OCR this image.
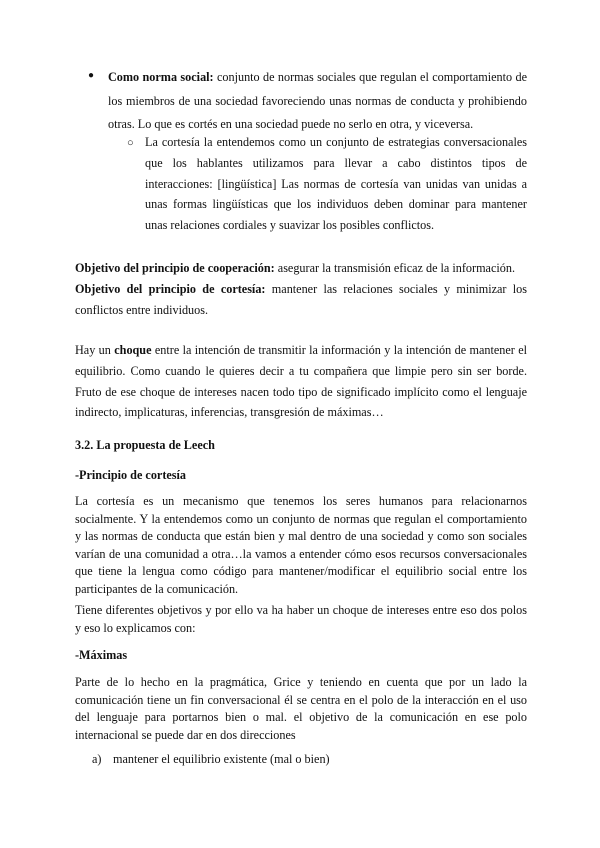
● Como norma social: conjunto de normas sociales que regulan el comportamiento de los miembros de una sociedad favoreciendo unas normas de conducta y prohibiendo otras. Lo que es cortés en una sociedad puede no serlo en otra, y viceversa.
○ La cortesía la entendemos como un conjunto de estrategias conversacionales que los hablantes utilizamos para llevar a cabo distintos tipos de interacciones: [lingüística] Las normas de cortesía van unidas van unidas a unas formas lingüísticas que los individuos deben dominar para mantener unas relaciones cordiales y suavizar los posibles conflictos.
Objetivo del principio de cooperación: asegurar la transmisión eficaz de la información.
Objetivo del principio de cortesía: mantener las relaciones sociales y minimizar los conflictos entre individuos.
Hay un choque entre la intención de transmitir la información y la intención de mantener el equilibrio. Como cuando le quieres decir a tu compañera que limpie pero sin ser borde. Fruto de ese choque de intereses nacen todo tipo de significado implícito como el lenguaje indirecto, implicaturas, inferencias, transgresión de máximas…
3.2. La propuesta de Leech
-Principio de cortesía
La cortesía es un mecanismo que tenemos los seres humanos para relacionarnos socialmente. Y la entendemos como un conjunto de normas que regulan el comportamiento y las normas de conducta que están bien y mal dentro de una sociedad y como son sociales varían de una comunidad a otra…la vamos a entender cómo esos recursos conversacionales que tiene la lengua como código para mantener/modificar el equilibrio social entre los participantes de la comunicación.
Tiene diferentes objetivos y por ello va ha haber un choque de intereses entre eso dos polos y eso lo explicamos con:
-Máximas
Parte de lo hecho en la pragmática, Grice y teniendo en cuenta que por un lado la comunicación tiene un fin conversacional él se centra en el polo de la interacción en el uso del lenguaje para portarnos bien o mal. el objetivo de la comunicación en ese polo internacional se puede dar en dos direcciones
a) mantener el equilibrio existente (mal o bien)
